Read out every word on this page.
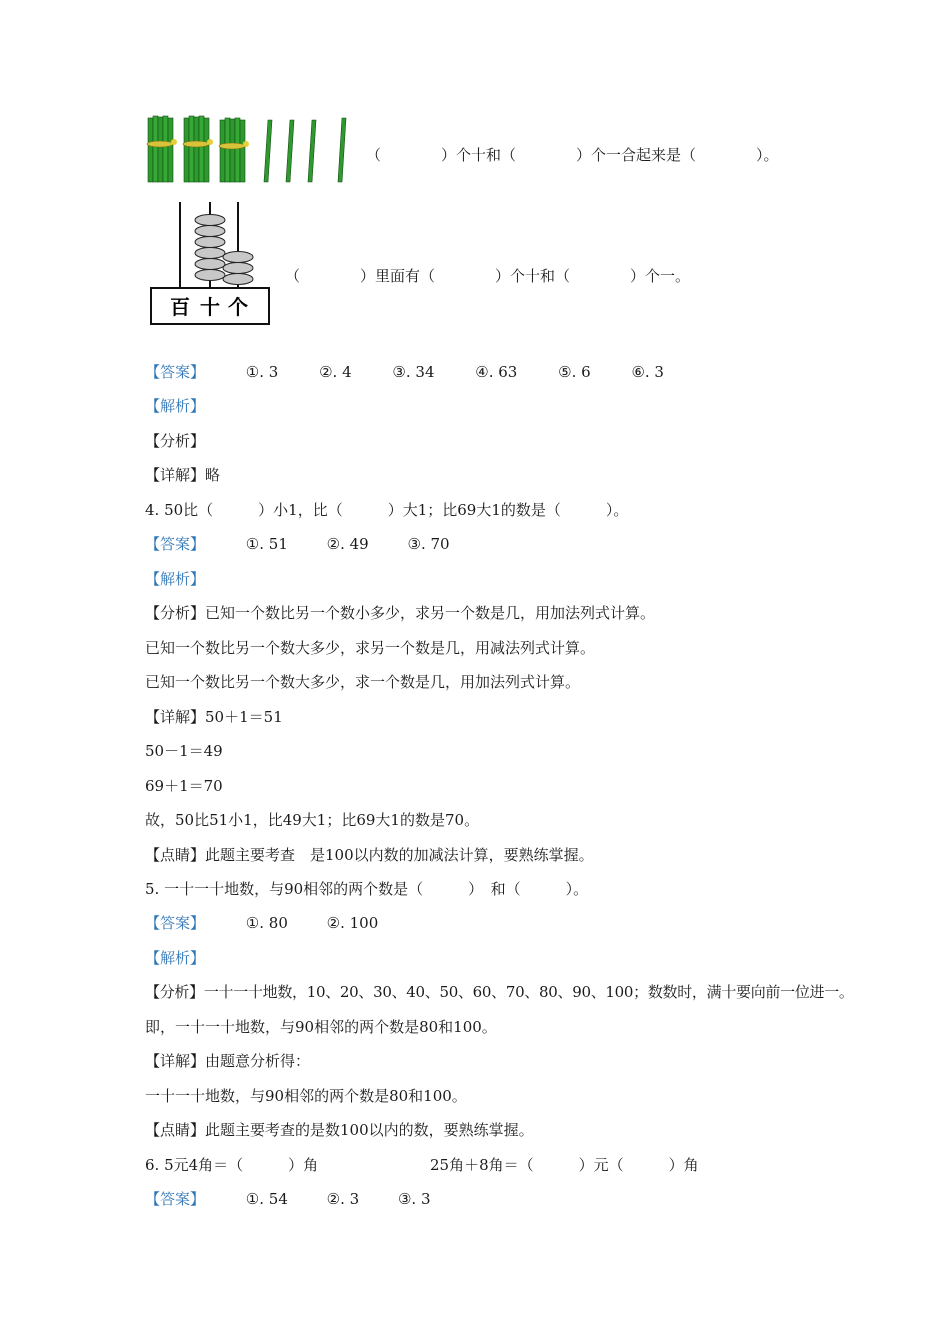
（　　　　）个十和（　　　　）个一合起来是（　　　　）。
百 十 个
（　　　　）里面有（　　　　）个十和（　　　　）个一。
【答案】	①. 3	②. 4	③. 34	④. 63	⑤. 6	⑥. 3
【解析】
【分析】
【详解】略
4. 50比（　　　）小1，比（　　　）大1；比69大1的数是（　　　）。
【答案】	①. 51	②. 49	③. 70
【解析】
【分析】已知一个数比另一个数小多少，求另一个数是几，用加法列式计算。
已知一个数比另一个数大多少，求另一个数是几，用减法列式计算。
已知一个数比另一个数大多少，求一个数是几，用加法列式计算。
【详解】50＋1＝51
50－1＝49
69＋1＝70
故，50比51小1，比49大1；比69大1的数是70。
【点睛】此题主要考查　是100以内数的加减法计算，要熟练掌握。
5. 一十一十地数，与90相邻的两个数是（　　　）　和（　　　）。
【答案】	①. 80	②. 100
【解析】
【分析】一十一十地数，10、20、30、40、50、60、70、80、90、100；数数时，满十要向前一位进一。
即，一十一十地数，与90相邻的两个数是80和100。
【详解】由题意分析得：
一十一十地数，与90相邻的两个数是80和100。
【点睛】此题主要考查的是数100以内的数，要熟练掌握。
6. 5元4角＝（　　　）角	25角＋8角＝（　　　）元（　　　）角
【答案】	①. 54	②. 3	③. 3
